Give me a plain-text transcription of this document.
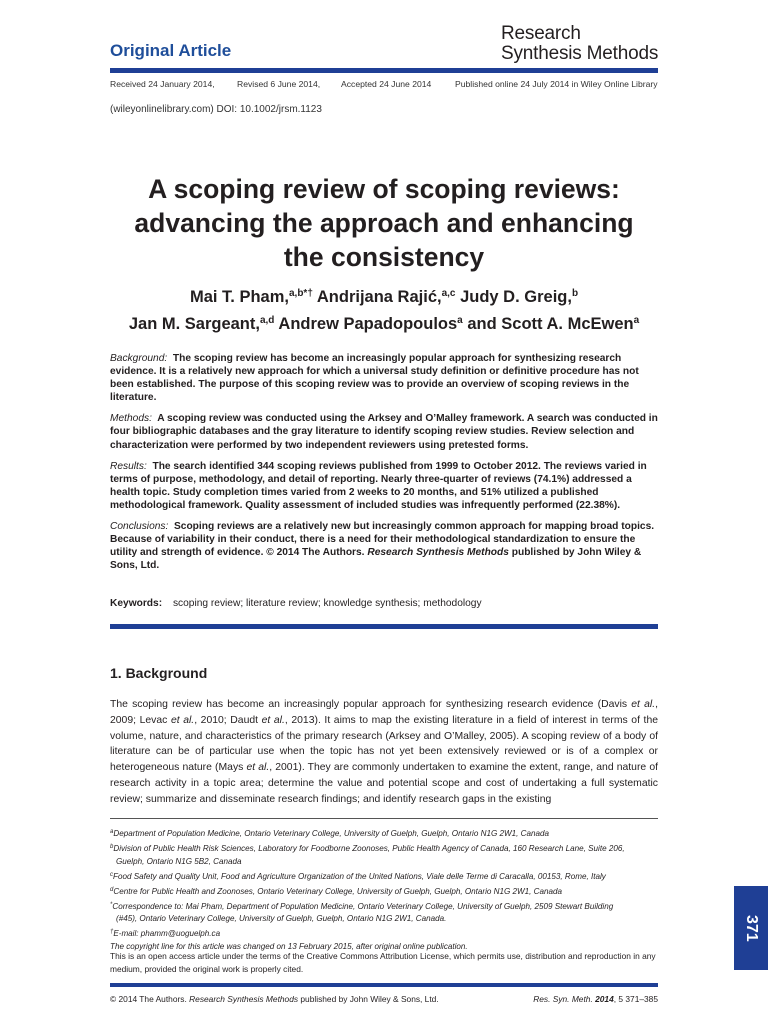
Original Article
Research
Synthesis Methods
Received 24 January 2014,	Revised 6 June 2014,	Accepted 24 June 2014	Published online 24 July 2014 in Wiley Online Library
(wileyonlinelibrary.com) DOI: 10.1002/jrsm.1123
A scoping review of scoping reviews:
advancing the approach and enhancing
the consistency
Mai T. Pham,$^{a,b*\dagger}$ Andrijana Rajić,$^{a,c}$ Judy D. Greig,$^b$
Jan M. Sargeant,$^{a,d}$ Andrew Papadopoulos$^a$ and Scott A. McEwen$^a$

Background: The scoping review has become an increasingly popular approach for synthesizing research evidence. It is a relatively new approach for which a universal study definition or definitive procedure has not been established. The purpose of this scoping review was to provide an overview of scoping reviews in the literature.

Methods: A scoping review was conducted using the Arksey and O’Malley framework. A search was conducted in four bibliographic databases and the gray literature to identify scoping review studies. Review selection and characterization were performed by two independent reviewers using pretested forms.

Results: The search identified 344 scoping reviews published from 1999 to October 2012. The reviews varied in terms of purpose, methodology, and detail of reporting. Nearly three-quarter of reviews (74.1%) addressed a health topic. Study completion times varied from 2 weeks to 20 months, and 51% utilized a published methodological framework. Quality assessment of included studies was infrequently performed (22.38%).

Conclusions: Scoping reviews are a relatively new but increasingly common approach for mapping broad topics. Because of variability in their conduct, there is a need for their methodological standardization to ensure the utility and strength of evidence. © 2014 The Authors. Research Synthesis Methods published by John Wiley & Sons, Ltd.

Keywords: scoping review; literature review; knowledge synthesis; methodology
1. Background
The scoping review has become an increasingly popular approach for synthesizing research evidence (Davis et al., 2009; Levac et al., 2010; Daudt et al., 2013). It aims to map the existing literature in a field of interest in terms of the volume, nature, and characteristics of the primary research (Arksey and O’Malley, 2005). A scoping review of a body of literature can be of particular use when the topic has not yet been extensively reviewed or is of a complex or heterogeneous nature (Mays et al., 2001). They are commonly undertaken to examine the extent, range, and nature of research activity in a topic area; determine the value and potential scope and cost of undertaking a full systematic review; summarize and disseminate research findings; and identify research gaps in the existing
$^a$Department of Population Medicine, Ontario Veterinary College, University of Guelph, Guelph, Ontario N1G 2W1, Canada
$^b$Division of Public Health Risk Sciences, Laboratory for Foodborne Zoonoses, Public Health Agency of Canada, 160 Research Lane, Suite 206,
Guelph, Ontario N1G 5B2, Canada
$^c$Food Safety and Quality Unit, Food and Agriculture Organization of the United Nations, Viale delle Terme di Caracalla, 00153, Rome, Italy
$^d$Centre for Public Health and Zoonoses, Ontario Veterinary College, University of Guelph, Guelph, Ontario N1G 2W1, Canada
*Correspondence to: Mai Pham, Department of Population Medicine, Ontario Veterinary College, University of Guelph, 2509 Stewart Building
(#45), Ontario Veterinary College, University of Guelph, Guelph, Ontario N1G 2W1, Canada.
†E-mail: phamm@uoguelph.ca
The copyright line for this article was changed on 13 February 2015, after original online publication.
This is an open access article under the terms of the Creative Commons Attribution License, which permits use, distribution and reproduction in any medium, provided the original work is properly cited.
© 2014 The Authors. Research Synthesis Methods published by John Wiley & Sons, Ltd.	Res. Syn. Meth. 2014, 5 371–385
371
